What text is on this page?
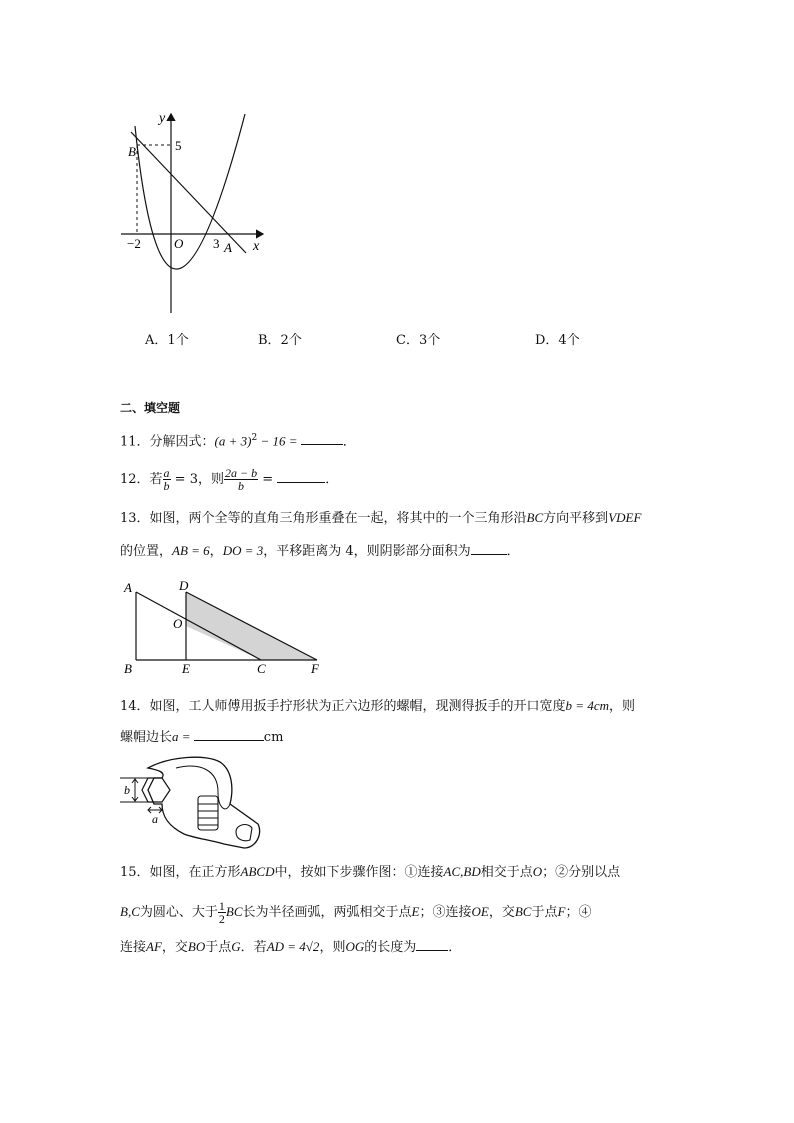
y
x
5
B
−2	O 3 A
A．1个	B．2个	C．3个	D．4个
二、填空题
11．分解因式：$(a + 3)^2 - 16$ =	．
12．若 $\frac{a}{b} = 3$，则 $\frac{2a - b}{b}$ =	．
13．如图，两个全等的直角三角形重叠在一起，将其中的一个三角形沿BC方向平移到VDEF
的位置，AB = 6，DO = 3，平移距离为 4，则阴影部分面积为	．
A	D
O
B	E	C	F
14．如图，工人师傅用扳手拧形状为正六边形的螺帽，现测得扳手的开口宽度b = 4cm，则
螺帽边长a =	cm
b
a
15．如图，在正方形ABCD中，按如下步骤作图：①连接AC,BD相交于点O；②分别以点
B,C为圆心、大于 $\frac{1}{2}$ BC长为半径画弧，两弧相交于点E；③连接OE，交BC于点F；④
连接AF，交BO于点G．若AD = 4√2，则OG的长度为 ．
